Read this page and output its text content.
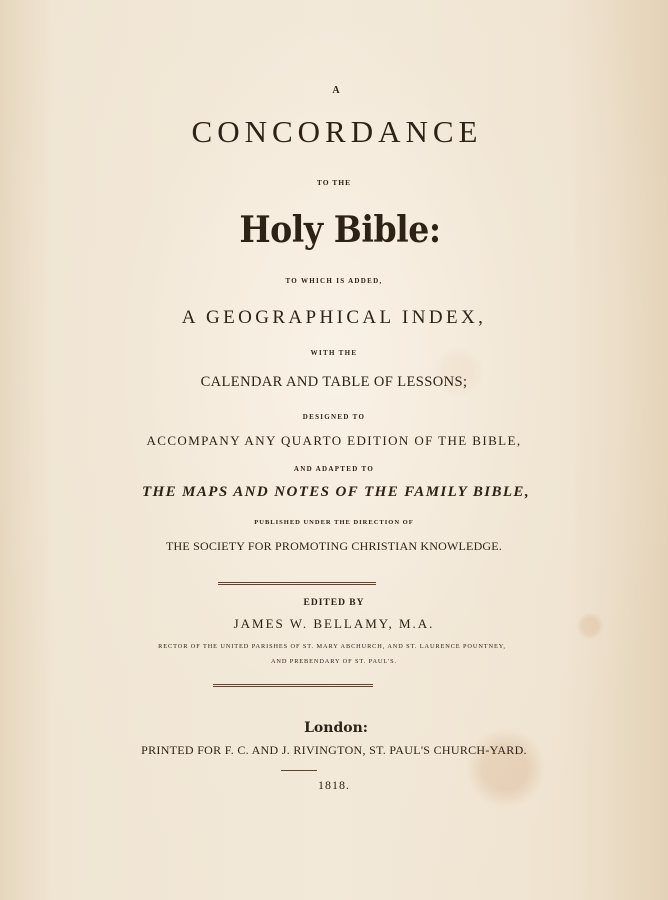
A

CONCORDANCE

TO THE

Holy Bible:

TO WHICH IS ADDED,

A GEOGRAPHICAL INDEX,

WITH THE

CALENDAR AND TABLE OF LESSONS;

DESIGNED TO

ACCOMPANY ANY QUARTO EDITION OF THE BIBLE,

AND ADAPTED TO

THE MAPS AND NOTES OF THE FAMILY BIBLE,

PUBLISHED UNDER THE DIRECTION OF

THE SOCIETY FOR PROMOTING CHRISTIAN KNOWLEDGE.

EDITED BY

JAMES W. BELLAMY, M.A.

RECTOR OF THE UNITED PARISHES OF ST. MARY ABCHURCH, AND ST. LAURENCE POUNTNEY,

AND PREBENDARY OF ST. PAUL'S.

London:

PRINTED FOR F. C. AND J. RIVINGTON, ST. PAUL'S CHURCH-YARD.

1818.
